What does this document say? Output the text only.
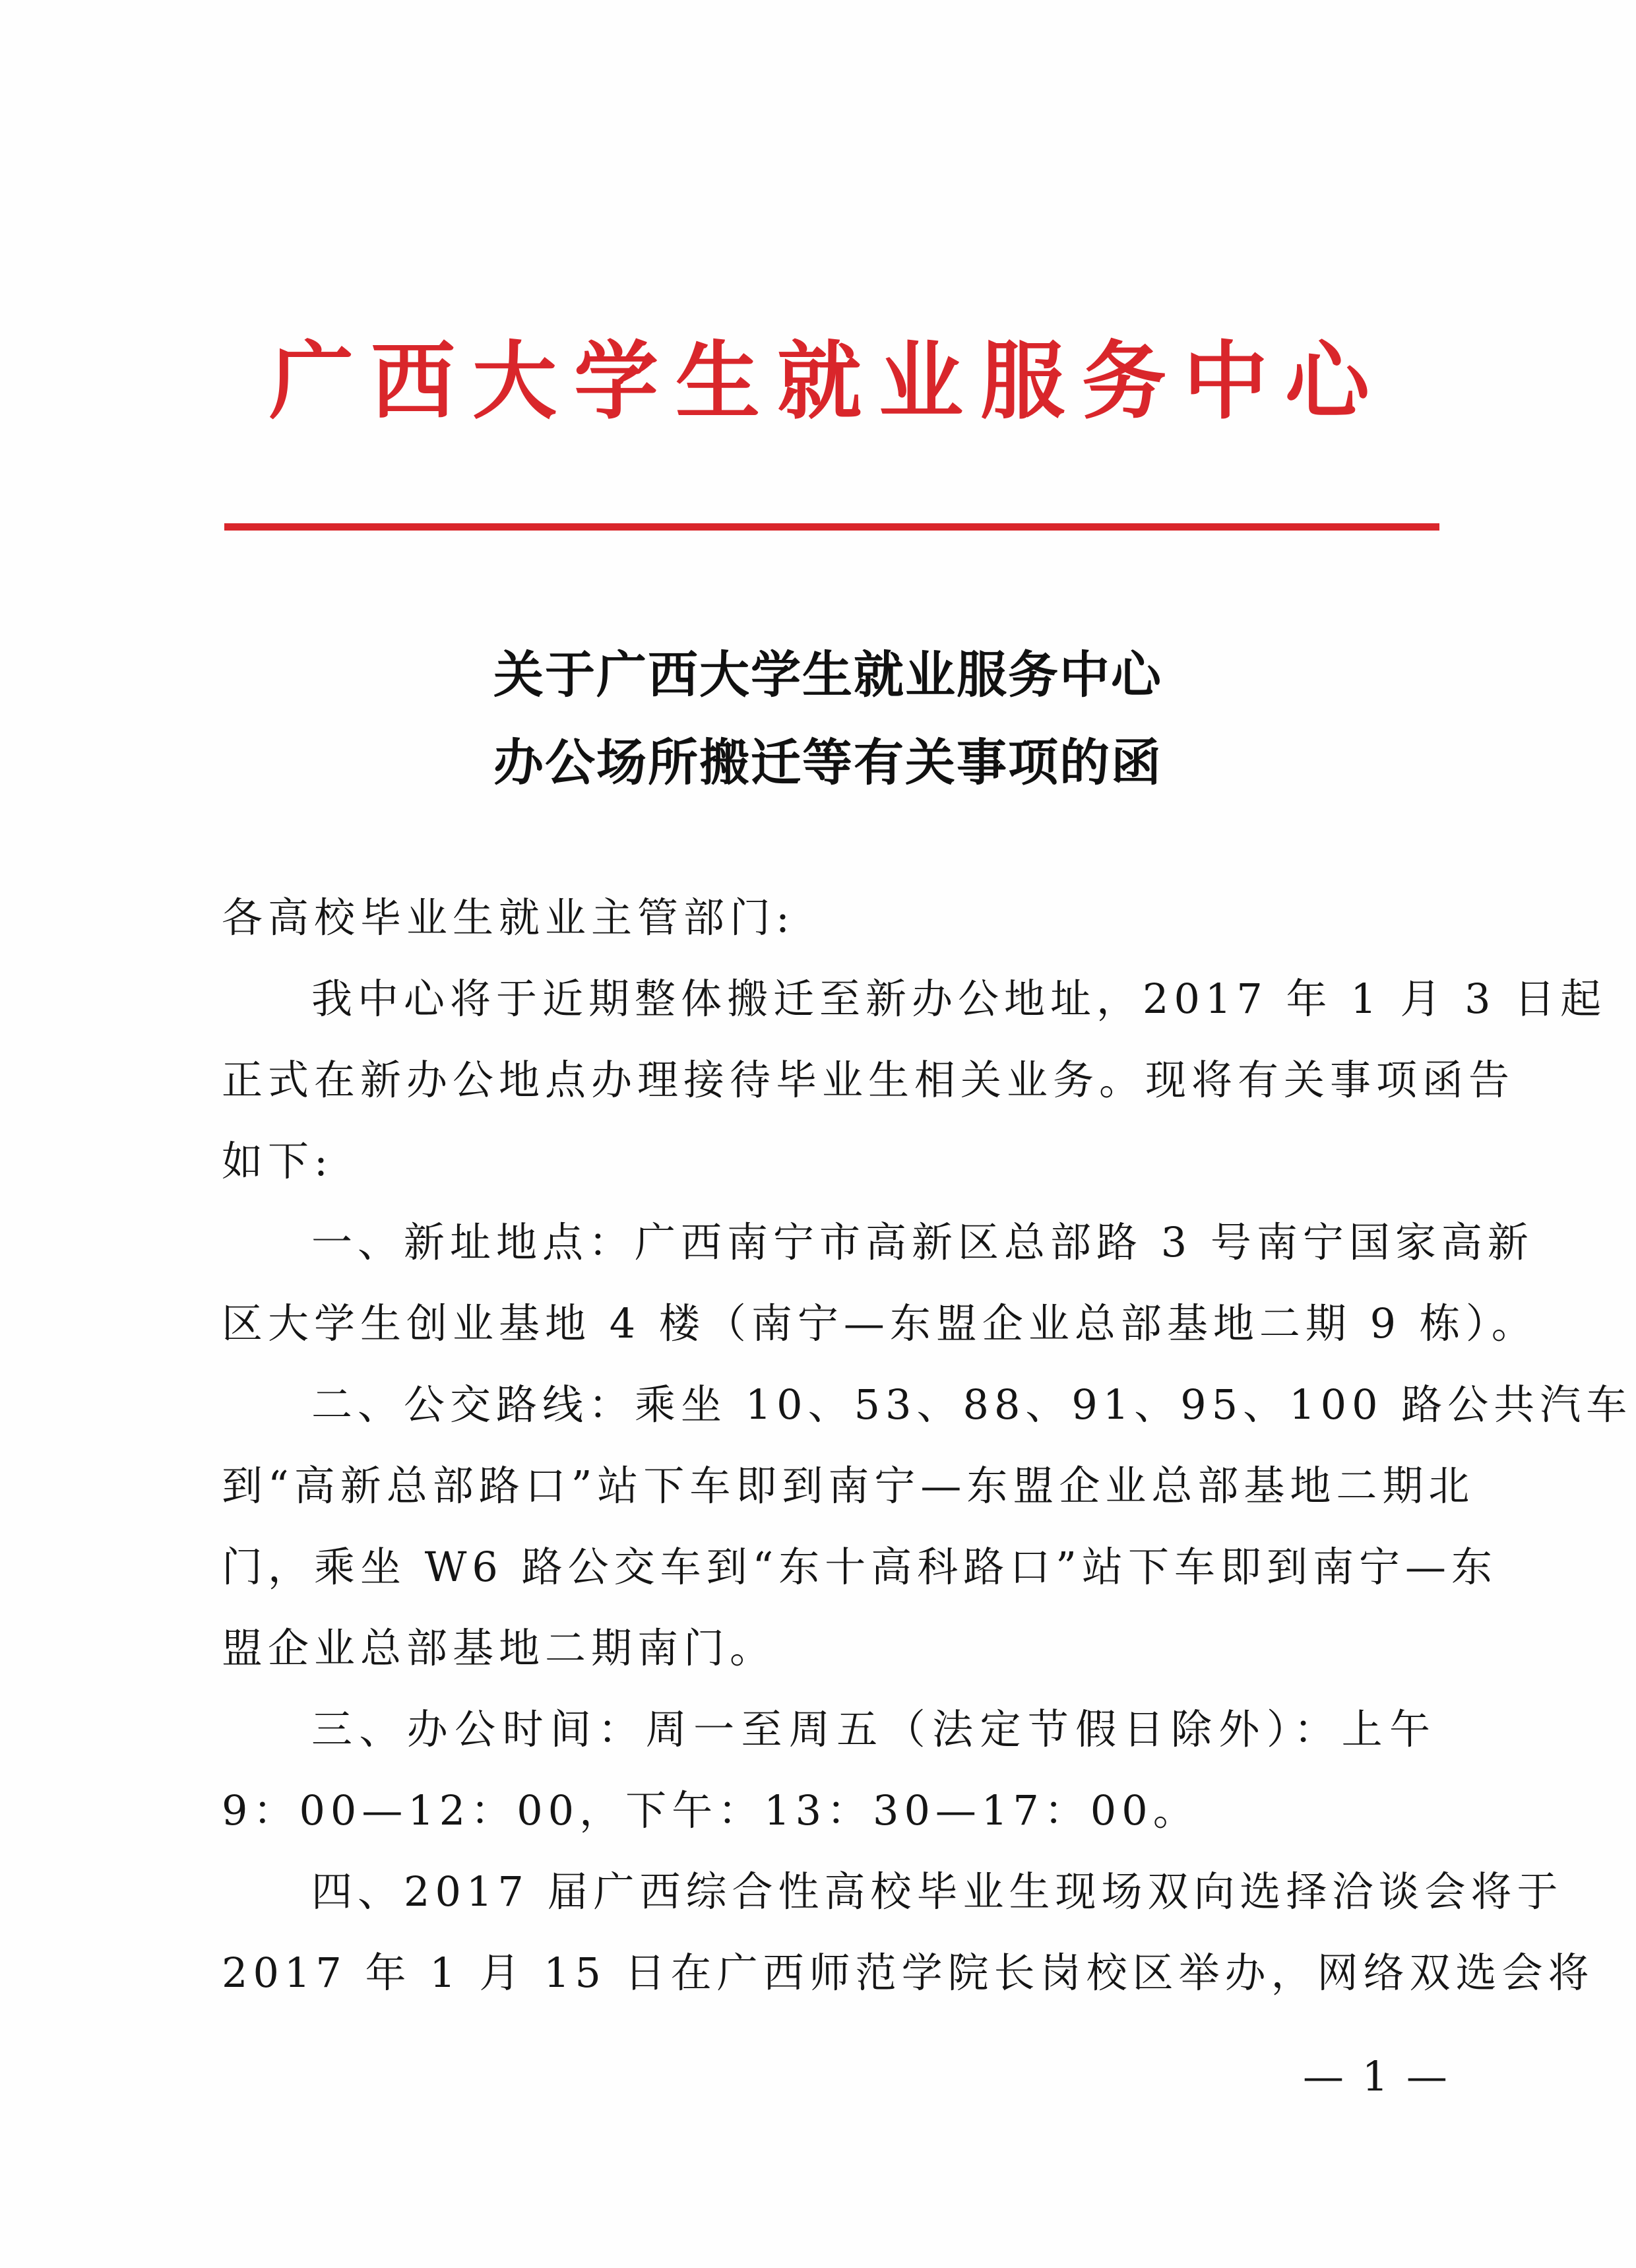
广西大学生就业服务中心
关于广西大学生就业服务中心
办公场所搬迁等有关事项的函
各高校毕业生就业主管部门:
我中心将于近期整体搬迁至新办公地址，2017 年 1 月 3 日起
正式在新办公地点办理接待毕业生相关业务。现将有关事项函告
如下:
一、新址地点：广西南宁市高新区总部路 3 号南宁国家高新
区大学生创业基地 4 楼（南宁—东盟企业总部基地二期 9 栋）。
二、公交路线：乘坐 10、53、88、91、95、100 路公共汽车
到“高新总部路口”站下车即到南宁—东盟企业总部基地二期北
门，乘坐 W6 路公交车到“东十高科路口”站下车即到南宁—东
盟企业总部基地二期南门。
三、办公时间：周一至周五（法定节假日除外）：上午
9：00—12：00，下午：13：30—17：00。
四、2017 届广西综合性高校毕业生现场双向选择洽谈会将于
2017 年 1 月 15 日在广西师范学院长岗校区举办，网络双选会将
— 1 —
